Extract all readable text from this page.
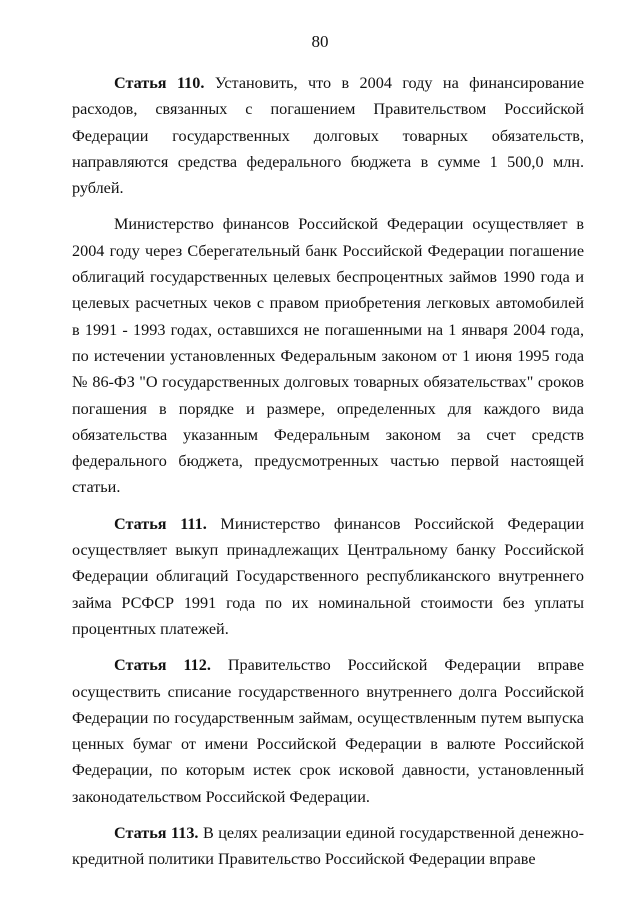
80

Статья 110. Установить, что в 2004 году на финансирование расходов, связанных с погашением Правительством Российской Федерации государственных долговых товарных обязательств, направляются средства федерального бюджета в сумме 1 500,0 млн. рублей.

Министерство финансов Российской Федерации осуществляет в 2004 году через Сберегательный банк Российской Федерации погашение облигаций государственных целевых беспроцентных займов 1990 года и целевых расчетных чеков с правом приобретения легковых автомобилей в 1991 - 1993 годах, оставшихся не погашенными на 1 января 2004 года, по истечении установленных Федеральным законом от 1 июня 1995 года № 86-ФЗ "О государственных долговых товарных обязательствах" сроков погашения в порядке и размере, определенных для каждого вида обязательства указанным Федеральным законом за счет средств федерального бюджета, предусмотренных частью первой настоящей статьи.

Статья 111. Министерство финансов Российской Федерации осуществляет выкуп принадлежащих Центральному банку Российской Федерации облигаций Государственного республиканского внутреннего займа РСФСР 1991 года по их номинальной стоимости без уплаты процентных платежей.

Статья 112. Правительство Российской Федерации вправе осуществить списание государственного внутреннего долга Российской Федерации по государственным займам, осуществленным путем выпуска ценных бумаг от имени Российской Федерации в валюте Российской Федерации, по которым истек срок исковой давности, установленный законодательством Российской Федерации.

Статья 113. В целях реализации единой государственной денежно-кредитной политики Правительство Российской Федерации вправе
